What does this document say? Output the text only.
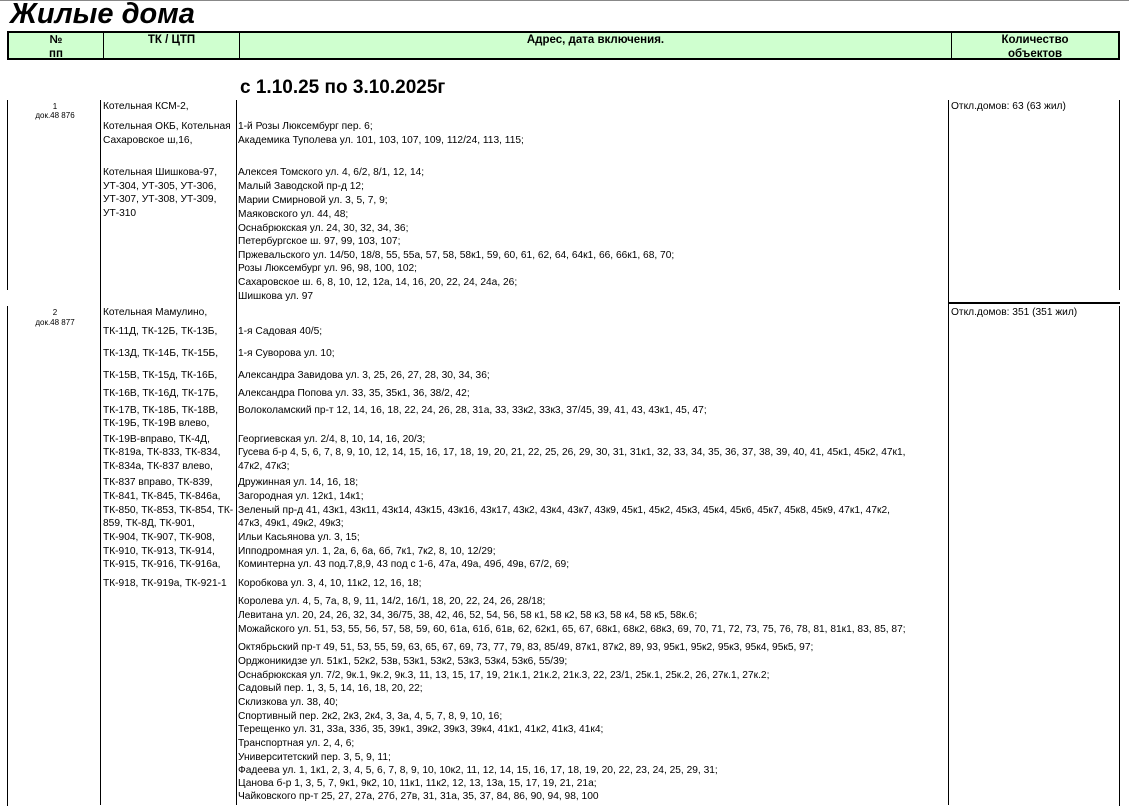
Жилые дома
№
пп
ТК / ЦТП	Адрес, дата включения.	Количество
объектов
с 1.10.25 по 3.10.2025г
1
док.48 876
Откл.домов: 63 (63 жил)
Котельная КСМ-2,
Котельная ОКБ, Котельная Сахаровское ш,16,
Котельная Шишкова-97, УТ-304, УТ-305, УТ-306, УТ-307, УТ-308, УТ-309, УТ-310
1-й Розы Люксембург пер. 6;
Академика Туполева ул. 101, 103, 107, 109, 112/24, 113, 115;
Алексея Томского ул. 4, 6/2, 8/1, 12, 14;
Малый Заводской пр-д 12;
Марии Смирновой ул. 3, 5, 7, 9;
Маяковского ул. 44, 48;
Оснабрюкская ул. 24, 30, 32, 34, 36;
Петербургское ш. 97, 99, 103, 107;
Пржевальского ул. 14/50, 18/8, 55, 55а, 57, 58, 58к1, 59, 60, 61, 62, 64, 64к1, 66, 66к1, 68, 70;
Розы Люксембург ул. 96, 98, 100, 102;
Сахаровское ш. 6, 8, 10, 12, 12а, 14, 16, 20, 22, 24, 24а, 26;
Шишкова ул. 97
2
док.48 877
Откл.домов: 351 (351 жил)
Котельная Мамулино,
ТК-11Д, ТК-12Б, ТК-13Б,
ТК-13Д, ТК-14Б, ТК-15Б,
ТК-15В, ТК-15д, ТК-16Б,
ТК-16В, ТК-16Д, ТК-17Б,
ТК-17В, ТК-18Б, ТК-18В,
ТК-19Б, ТК-19В влево,
ТК-19В-вправо, ТК-4Д,
ТК-819а, ТК-833, ТК-834,
ТК-834а, ТК-837 влево,
ТК-837 вправо, ТК-839,
ТК-841, ТК-845, ТК-846а,
ТК-850, ТК-853, ТК-854, ТК-
859, ТК-8Д, ТК-901,
ТК-904, ТК-907, ТК-908,
ТК-910, ТК-913, ТК-914,
ТК-915, ТК-916, ТК-916а,
ТК-918, ТК-919а, ТК-921-1
1-я Садовая 40/5;
1-я Суворова ул. 10;
Александра Завидова ул. 3, 25, 26, 27, 28, 30, 34, 36;
Александра Попова ул. 33, 35, 35к1, 36, 38/2, 42;
Волоколамский пр-т 12, 14, 16, 18, 22, 24, 26, 28, 31а, 33, 33к2, 33к3, 37/45, 39, 41, 43, 43к1, 45, 47;
Георгиевская ул. 2/4, 8, 10, 14, 16, 20/3;
Гусева б-р 4, 5, 6, 7, 8, 9, 10, 12, 14, 15, 16, 17, 18, 19, 20, 21, 22, 25, 26, 29, 30, 31, 31к1, 32, 33, 34, 35, 36, 37, 38, 39, 40, 41, 45к1, 45к2, 47к1,
47к2, 47к3;
Дружинная ул. 14, 16, 18;
Загородная ул. 12к1, 14к1;
Зеленый пр-д 41, 43к1, 43к11, 43к14, 43к15, 43к16, 43к17, 43к2, 43к4, 43к7, 43к9, 45к1, 45к2, 45к3, 45к4, 45к6, 45к7, 45к8, 45к9, 47к1, 47к2,
47к3, 49к1, 49к2, 49к3;
Ильи Касьянова ул. 3, 15;
Ипподромная ул. 1, 2а, 6, 6а, 6б, 7к1, 7к2, 8, 10, 12/29;
Коминтерна ул. 43 под.7,8,9, 43 под с 1-6, 47а, 49а, 49б, 49в, 67/2, 69;
Коробкова ул. 3, 4, 10, 11к2, 12, 16, 18;
Королева ул. 4, 5, 7а, 8, 9, 11, 14/2, 16/1, 18, 20, 22, 24, 26, 28/18;
Левитана ул. 20, 24, 26, 32, 34, 36/75, 38, 42, 46, 52, 54, 56, 58 к1, 58 к2, 58 к3, 58 к4, 58 к5, 58к.6;
Можайского ул. 51, 53, 55, 56, 57, 58, 59, 60, 61а, 61б, 61в, 62, 62к1, 65, 67, 68к1, 68к2, 68к3, 69, 70, 71, 72, 73, 75, 76, 78, 81, 81к1, 83, 85, 87;
Октябрьский пр-т 49, 51, 53, 55, 59, 63, 65, 67, 69, 73, 77, 79, 83, 85/49, 87к1, 87к2, 89, 93, 95к1, 95к2, 95к3, 95к4, 95к5, 97;
Орджоникидзе ул. 51к1, 52к2, 53в, 53к1, 53к2, 53к3, 53к4, 53к6, 55/39;
Оснабрюкская ул. 7/2, 9к.1, 9к.2, 9к.3, 11, 13, 15, 17, 19, 21к.1, 21к.2, 21к.3, 22, 23/1, 25к.1, 25к.2, 26, 27к.1, 27к.2;
Садовый пер. 1, 3, 5, 14, 16, 18, 20, 22;
Склизкова ул. 38, 40;
Спортивный пер. 2к2, 2к3, 2к4, 3, 3а, 4, 5, 7, 8, 9, 10, 16;
Терещенко ул. 31, 33а, 33б, 35, 39к1, 39к2, 39к3, 39к4, 41к1, 41к2, 41к3, 41к4;
Транспортная ул. 2, 4, 6;
Университетский пер. 3, 5, 9, 11;
Фадеева ул. 1, 1к1, 2, 3, 4, 5, 6, 7, 8, 9, 10, 10к2, 11, 12, 14, 15, 16, 17, 18, 19, 20, 22, 23, 24, 25, 29, 31;
Цанова б-р 1, 3, 5, 7, 9к1, 9к2, 10, 11к1, 11к2, 12, 13, 13а, 15, 17, 19, 21, 21а;
Чайковского пр-т 25, 27, 27а, 27б, 27в, 31, 31а, 35, 37, 84, 86, 90, 94, 98, 100
